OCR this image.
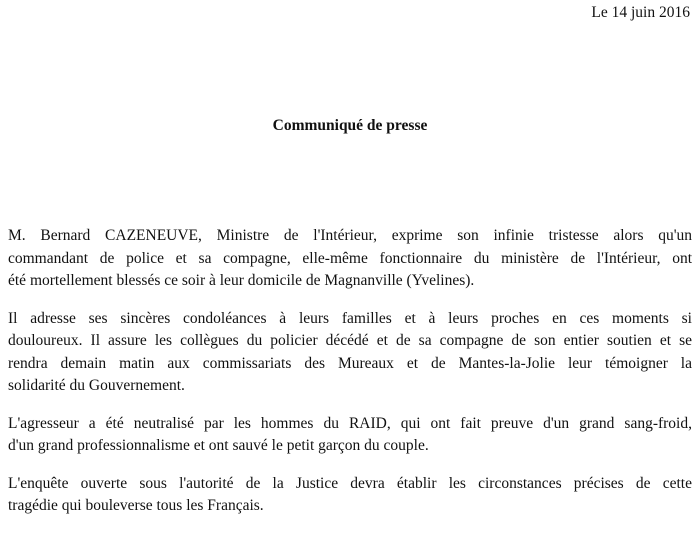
Le 14 juin 2016
Communiqué de presse

M. Bernard CAZENEUVE, Ministre de l'Intérieur, exprime son infinie tristesse alors qu'un
commandant de police et sa compagne, elle-même fonctionnaire du ministère de l'Intérieur, ont
été mortellement blessés ce soir à leur domicile de Magnanville (Yvelines).

Il adresse ses sincères condoléances à leurs familles et à leurs proches en ces moments si
douloureux. Il assure les collègues du policier décédé et de sa compagne de son entier soutien et se
rendra demain matin aux commissariats des Mureaux et de Mantes-la-Jolie leur témoigner la
solidarité du Gouvernement.

L'agresseur a été neutralisé par les hommes du RAID, qui ont fait preuve d'un grand sang-froid,
d'un grand professionnalisme et ont sauvé le petit garçon du couple.

L'enquête ouverte sous l'autorité de la Justice devra établir les circonstances précises de cette
tragédie qui bouleverse tous les Français.
